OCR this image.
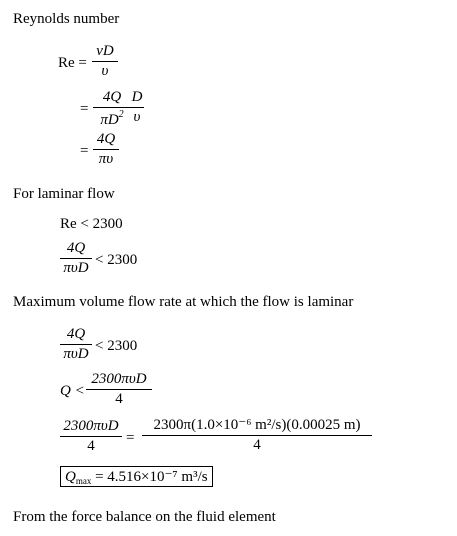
Reynolds number
Re =
vD
υ
=
4Q
$\pi D^2$
D
υ
=
4Q
πυ
For laminar flow
Re < 2300
4Q
πυD < 2300
Maximum volume flow rate at which the flow is laminar
4Q
πυD < 2300
Q <
2300πυD
4
2300πυD
4	=
2300π(1.0×10⁻⁶ m²/s)(0.00025 m)
4
$Q_{max} = 4.516\times 10^{-7}$ m³/s
From the force balance on the fluid element
